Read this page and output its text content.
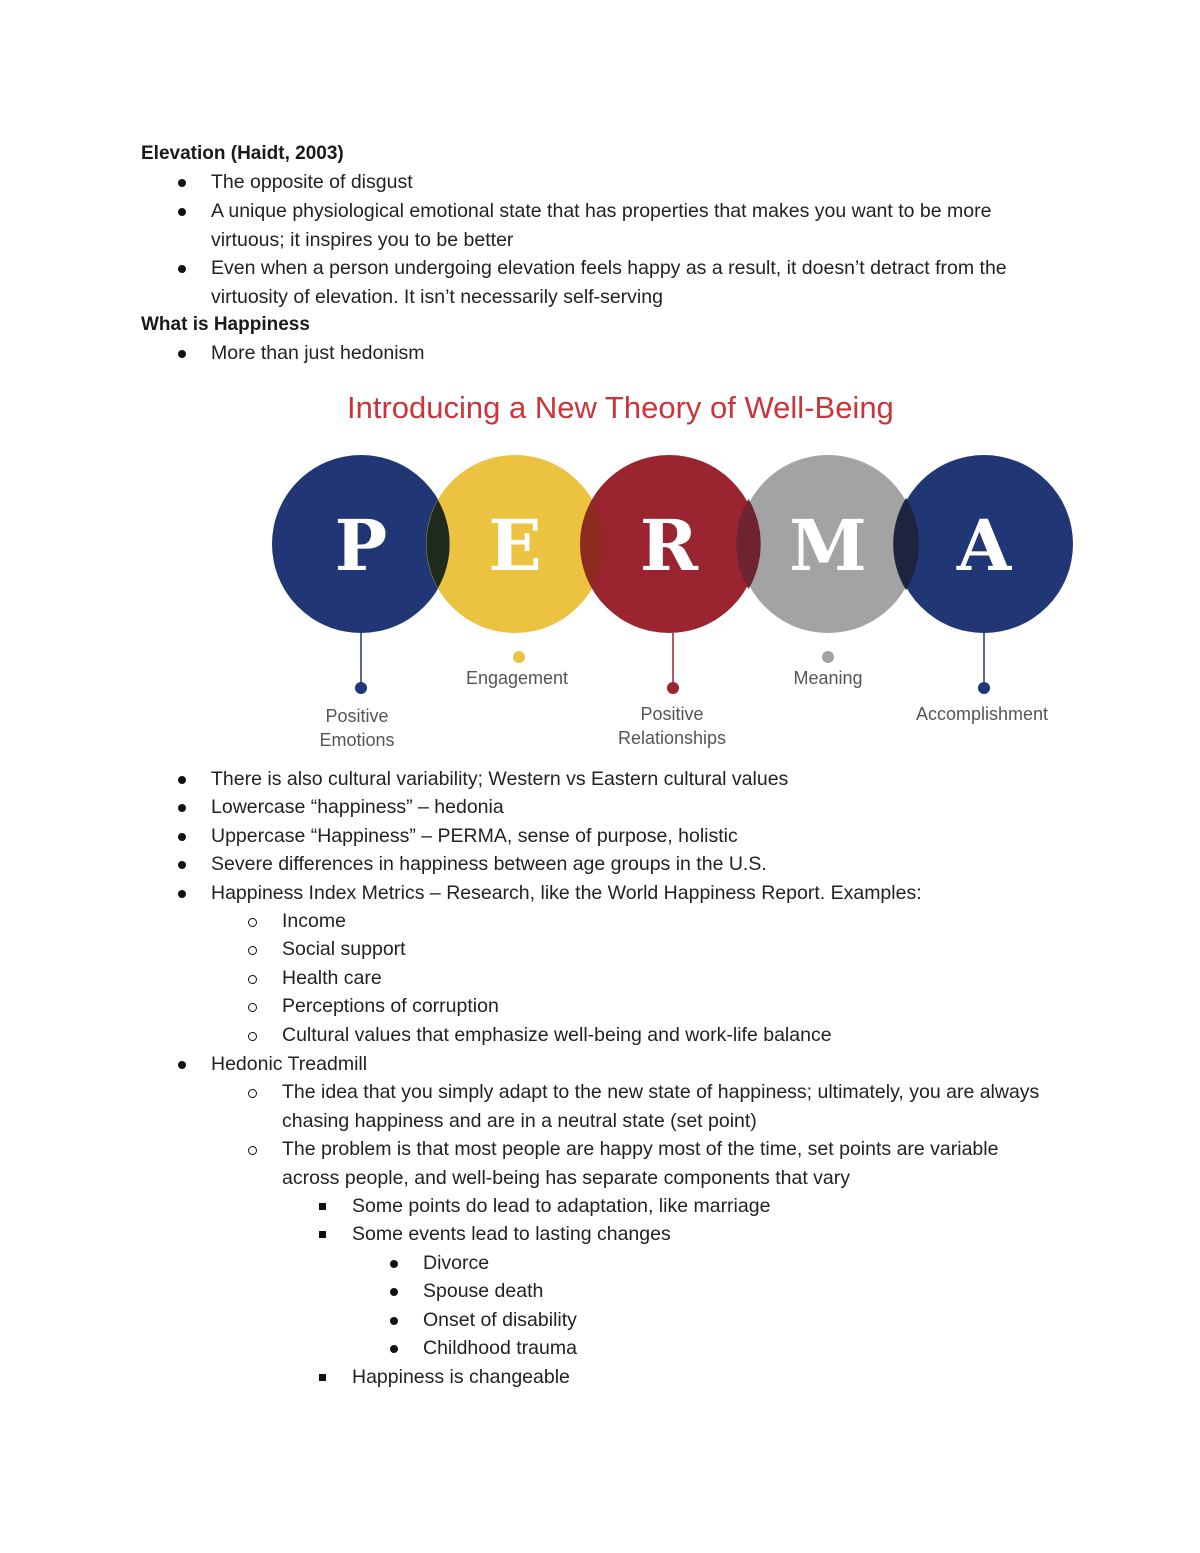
Elevation (Haidt, 2003)
The opposite of disgust
A unique physiological emotional state that has properties that makes you want to be more virtuous; it inspires you to be better
Even when a person undergoing elevation feels happy as a result, it doesn’t detract from the virtuosity of elevation. It isn’t necessarily self-serving
What is Happiness
More than just hedonism
Introducing a New Theory of Well-Being
P E R M A
Positive
Emotions
Engagement
Positive
Relationships
Meaning
Accomplishment
There is also cultural variability; Western vs Eastern cultural values
Lowercase “happiness” – hedonia
Uppercase “Happiness” – PERMA, sense of purpose, holistic
Severe differences in happiness between age groups in the U.S.
Happiness Index Metrics – Research, like the World Happiness Report. Examples:
Income
Social support
Health care
Perceptions of corruption
Cultural values that emphasize well-being and work-life balance
Hedonic Treadmill
The idea that you simply adapt to the new state of happiness; ultimately, you are always chasing happiness and are in a neutral state (set point)
The problem is that most people are happy most of the time, set points are variable across people, and well-being has separate components that vary
Some points do lead to adaptation, like marriage
Some events lead to lasting changes
Divorce
Spouse death
Onset of disability
Childhood trauma
Happiness is changeable
